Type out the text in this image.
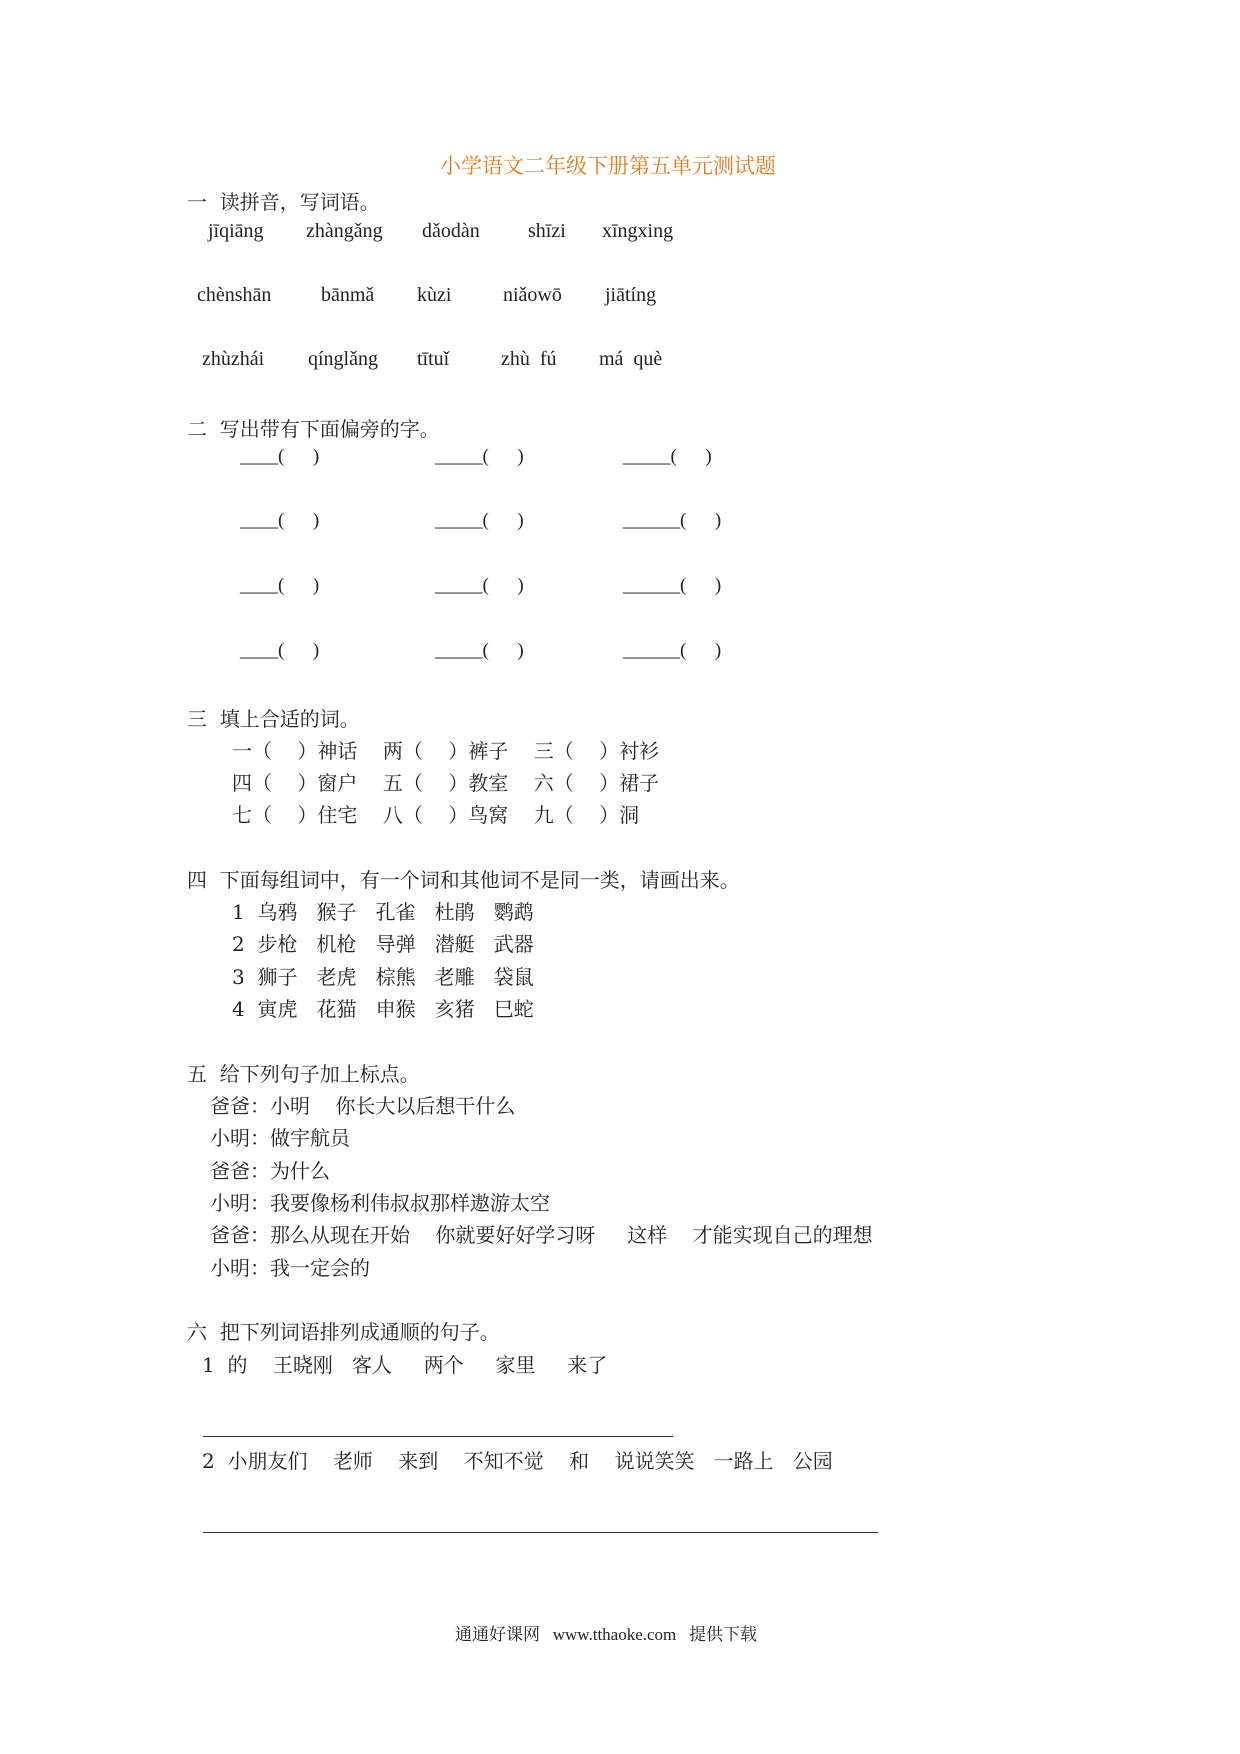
小学语文二年级下册第五单元测试题
一  读拼音，写词语。
jīqiāng zhàngǎng dǎodàn shīzi xīngxing
chènshān bānmǎ kùzi	niǎowō jiātíng
zhùzhái qínglǎng tītuǐ	zhù  fú má  què
二  写出带有下面偏旁的字。
____(      )	_____(      )	_____(      )
____(      )	_____(      )	______(      )
____(      )	_____(      )	______(      )
____(      )	_____(      )	______(      )
三  填上合适的词。
一（    ）神话    两（    ）裤子    三（    ）衬衫
四（    ）窗户    五（    ）教室    六（    ）裙子
七（    ）住宅    八（    ）鸟窝    九（    ）洞
四  下面每组词中，有一个词和其他词不是同一类，请画出来。
1  乌鸦   猴子   孔雀   杜鹃   鹦鹉
2  步枪   机枪   导弹   潜艇   武器
3  狮子   老虎   棕熊   老雕   袋鼠
4  寅虎   花猫   申猴   亥猪   巳蛇
五  给下列句子加上标点。
爸爸：小明    你长大以后想干什么
小明：做宇航员
爸爸：为什么
小明：我要像杨利伟叔叔那样遨游太空
爸爸：那么从现在开始    你就要好好学习呀     这样    才能实现自己的理想
小明：我一定会的
六  把下列词语排列成通顺的句子。
1  的    王晓刚   客人     两个     家里     来了
2  小朋友们    老师    来到    不知不觉    和    说说笑笑   一路上   公园
通通好课网   www.tthaoke.com   提供下载
